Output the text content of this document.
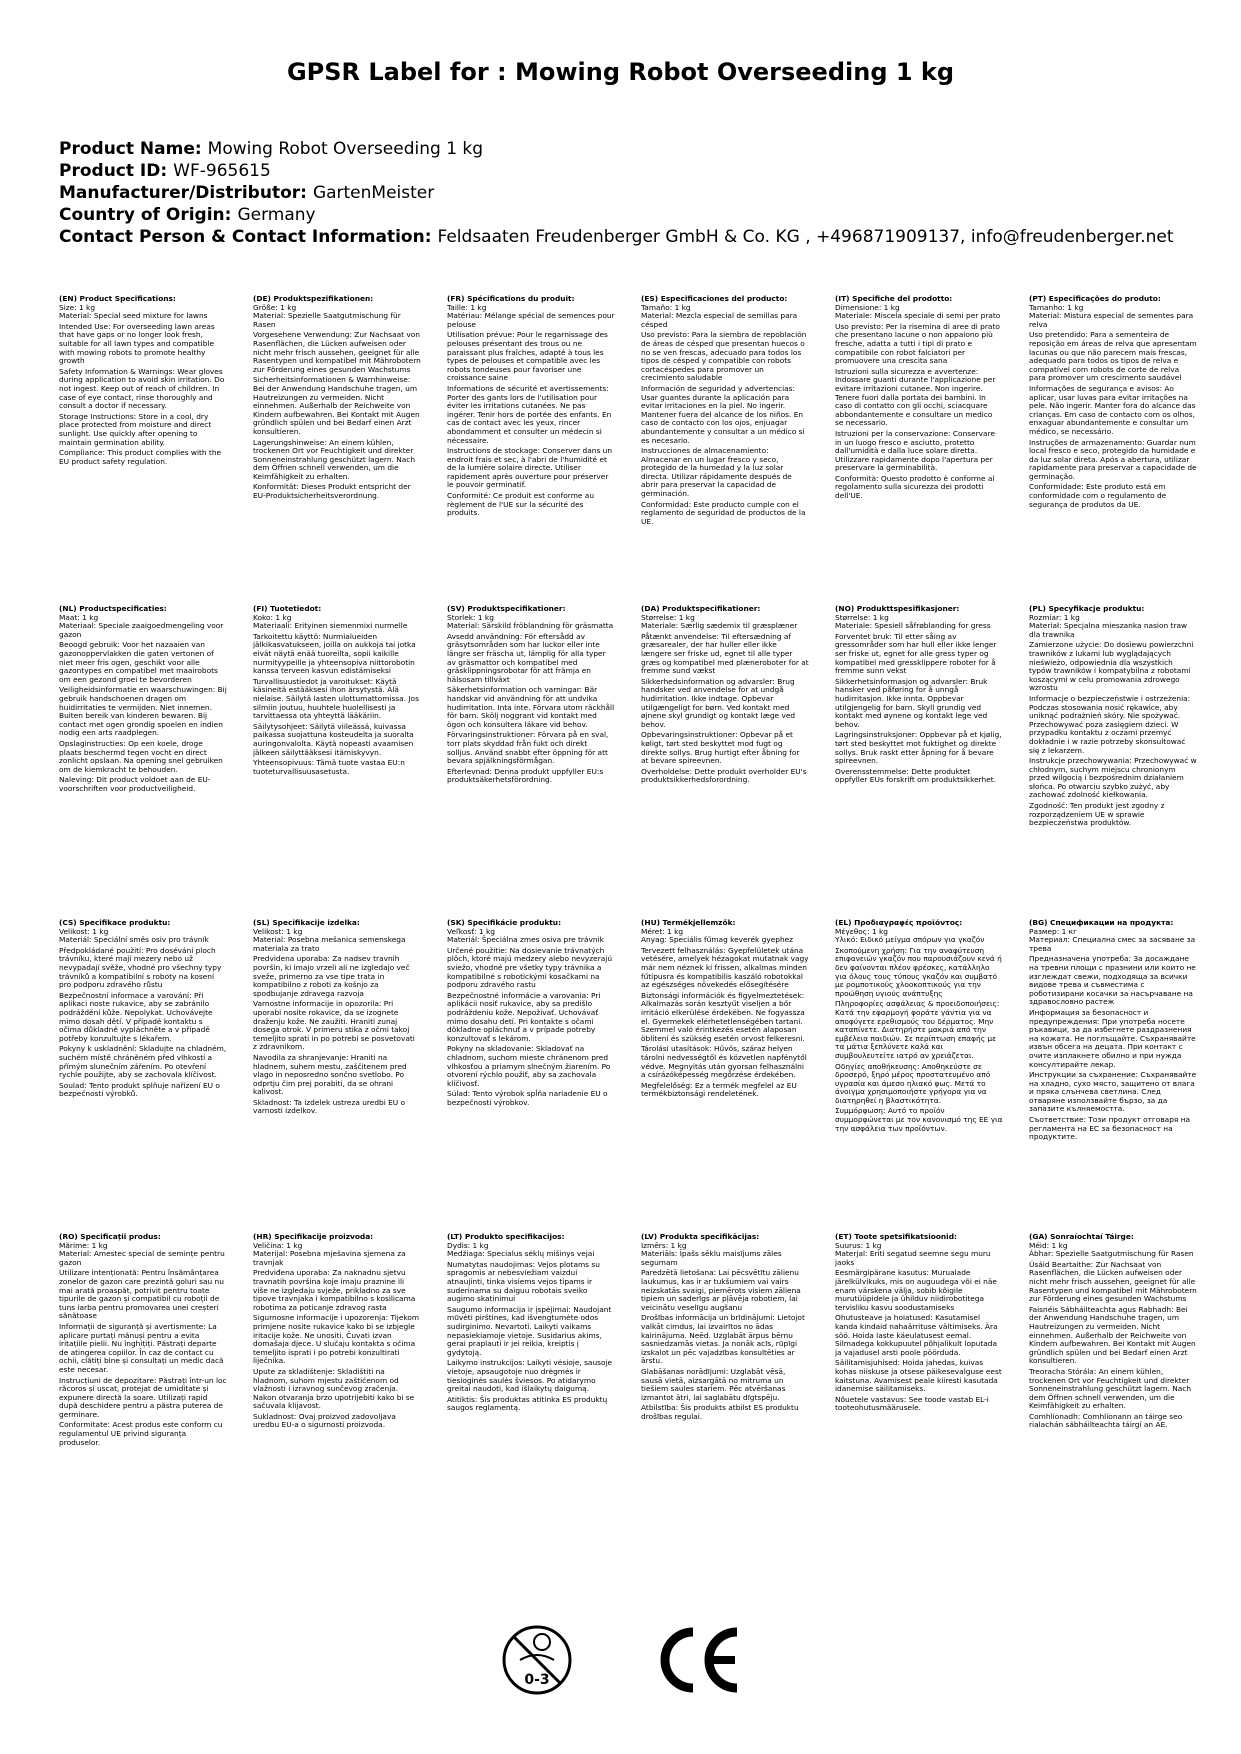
GPSR Label for : Mowing Robot Overseeding 1 kg
Product Name: Mowing Robot Overseeding 1 kg
Product ID: WF-965615
Manufacturer/Distributor: GartenMeister
Country of Origin: Germany
Contact Person & Contact Information: Feldsaaten Freudenberger GmbH & Co. KG , +496871909137, info@freudenberger.net
(EN) Product Specifications:
Size: 1 kg
Material: Special seed mixture for lawns
Intended Use: For overseeding lawn areas that have gaps or no longer look fresh, suitable for all lawn types and compatible with mowing robots to promote healthy growth
Safety Information & Warnings: Wear gloves during application to avoid skin irritation. Do not ingest. Keep out of reach of children. In case of eye contact, rinse thoroughly and consult a doctor if necessary.
Storage Instructions: Store in a cool, dry place protected from moisture and direct sunlight. Use quickly after opening to maintain germination ability.
Compliance: This product complies with the EU product safety regulation.
(DE) Produktspezifikationen:
Größe: 1 kg
Material: Spezielle Saatgutmischung für Rasen
Vorgesehene Verwendung: Zur Nachsaat von Rasenflächen, die Lücken aufweisen oder nicht mehr frisch aussehen, geeignet für alle Rasentypen und kompatibel mit Mährobotern zur Förderung eines gesunden Wachstums
Sicherheitsinformationen & Warnhinweise: Bei der Anwendung Handschuhe tragen, um Hautreizungen zu vermeiden. Nicht einnehmen. Außerhalb der Reichweite von Kindern aufbewahren. Bei Kontakt mit Augen gründlich spülen und bei Bedarf einen Arzt konsultieren.
Lagerungshinweise: An einem kühlen, trockenen Ort vor Feuchtigkeit und direkter Sonneneinstrahlung geschützt lagern. Nach dem Öffnen schnell verwenden, um die Keimfähigkeit zu erhalten.
Konformität: Dieses Produkt entspricht der EU-Produktsicherheitsverordnung.
(FR) Spécifications du produit:
Taille: 1 kg
Matériau: Mélange spécial de semences pour pelouse
Utilisation prévue: Pour le regarnissage des pelouses présentant des trous ou ne paraissant plus fraîches, adapté à tous les types de pelouses et compatible avec les robots tondeuses pour favoriser une croissance saine
Informations de sécurité et avertissements: Porter des gants lors de l'utilisation pour éviter les irritations cutanées. Ne pas ingérer. Tenir hors de portée des enfants. En cas de contact avec les yeux, rincer abondamment et consulter un médecin si nécessaire.
Instructions de stockage: Conserver dans un endroit frais et sec, à l'abri de l'humidité et de la lumière solaire directe. Utiliser rapidement après ouverture pour préserver le pouvoir germinatif.
Conformité: Ce produit est conforme au règlement de l'UE sur la sécurité des produits.
(ES) Especificaciones del producto:
Tamaño: 1 kg
Material: Mezcla especial de semillas para césped
Uso previsto: Para la siembra de repoblación de áreas de césped que presentan huecos o no se ven frescas, adecuado para todos los tipos de césped y compatible con robots cortacéspedes para promover un crecimiento saludable
Información de seguridad y advertencias: Usar guantes durante la aplicación para evitar irritaciones en la piel. No ingerir. Mantener fuera del alcance de los niños. En caso de contacto con los ojos, enjuagar abundantemente y consultar a un médico si es necesario.
Instrucciones de almacenamiento: Almacenar en un lugar fresco y seco, protegido de la humedad y la luz solar directa. Utilizar rápidamente después de abrir para preservar la capacidad de germinación.
Conformidad: Este producto cumple con el reglamento de seguridad de productos de la UE.
(IT) Specifiche del prodotto:
Dimensione: 1 kg
Materiale: Miscela speciale di semi per prato
Uso previsto: Per la risemina di aree di prato che presentano lacune o non appaiono più fresche, adatta a tutti i tipi di prato e compatibile con robot falciatori per promuovere una crescita sana
Istruzioni sulla sicurezza e avvertenze: Indossare guanti durante l'applicazione per evitare irritazioni cutanee. Non ingerire. Tenere fuori dalla portata dei bambini. In caso di contatto con gli occhi, sciacquare abbondantemente e consultare un medico se necessario.
Istruzioni per la conservazione: Conservare in un luogo fresco e asciutto, protetto dall'umidità e dalla luce solare diretta. Utilizzare rapidamente dopo l'apertura per preservare la germinabilità.
Conformità: Questo prodotto è conforme al regolamento sulla sicurezza dei prodotti dell'UE.
(PT) Especificações do produto:
Tamanho: 1 kg
Material: Mistura especial de sementes para relva
Uso pretendido: Para a sementeira de reposição em áreas de relva que apresentam lacunas ou que não parecem mais frescas, adequado para todos os tipos de relva e compatível com robots de corte de relva para promover um crescimento saudável
Informações de segurança e avisos: Ao aplicar, usar luvas para evitar irritações na pele. Não ingerir. Manter fora do alcance das crianças. Em caso de contacto com os olhos, enxaguar abundantemente e consultar um médico, se necessário.
Instruções de armazenamento: Guardar num local fresco e seco, protegido da humidade e da luz solar direta. Após a abertura, utilizar rapidamente para preservar a capacidade de germinação.
Conformidade: Este produto está em conformidade com o regulamento de segurança de produtos da UE.
(NL) Productspecificaties:
Maat: 1 kg
Materiaal: Speciale zaaigoedmengeling voor gazon
Beoogd gebruik: Voor het nazaaien van gazonoppervlakken die gaten vertonen of niet meer fris ogen, geschikt voor alle gazontypes en compatibel met maairobots om een gezond groei te bevorderen
Veiligheidsinformatie en waarschuwingen: Bij gebruik handschoenen dragen om huidirritaties te vermijden. Niet innemen. Buiten bereik van kinderen bewaren. Bij contact met ogen grondig spoelen en indien nodig een arts raadplegen.
Opslaginstructies: Op een koele, droge plaats beschermd tegen vocht en direct zonlicht opslaan. Na opening snel gebruiken om de kiemkracht te behouden.
Naleving: Dit product voldoet aan de EU-voorschriften voor productveiligheid.
(FI) Tuotetiedot:
Koko: 1 kg
Materiaali: Erityinen siemenmixi nurmelle
Tarkoitettu käyttö: Nurmialueiden jälkikasvatukseen, joilla on aukkoja tai jotka eivät näytä enää tuoreilta, sopii kaikille nurmityypeille ja yhteensopiva niittorobotin kanssa terveen kasvun edistämiseksi
Turvallisuustiedot ja varoitukset: Käytä käsineitä estääksesi ihon ärsytystä. Älä nielaise. Säilytä lasten ulottumattomissa. Jos silmiin joutuu, huuhtele huolellisesti ja tarvittaessa ota yhteyttä lääkäriin.
Säilytysohjeet: Säilytä viileässä, kuivassa paikassa suojattuna kosteudelta ja suoralta auringonvalolta. Käytä nopeasti avaamisen jälkeen säilyttääksesi itämiskyvyn.
Yhteensopivuus: Tämä tuote vastaa EU:n tuoteturvallisuusasetusta.
(SV) Produktspecifikationer:
Storlek: 1 kg
Material: Särskild fröblandning för gräsmatta
Avsedd användning: För eftersådd av gräsytsområden som har luckor eller inte längre ser fräscha ut, lämplig för alla typer av gräsmattor och kompatibel med gräsklippningsrobotar för att främja en hälsosam tillväxt
Säkerhetsinformation och varningar: Bär handskar vid användning för att undvika hudirritation. Inta inte. Förvara utom räckhåll för barn. Skölj noggrant vid kontakt med ögon och konsultera läkare vid behov.
Förvaringsinstruktioner: Förvara på en sval, torr plats skyddad från fukt och direkt solljus. Använd snabbt efter öppning för att bevara spjälkningsförmågan.
Efterlevnad: Denna produkt uppfyller EU:s produktsäkerhetsförordning.
(DA) Produktspecifikationer:
Størrelse: 1 kg
Materiale: Særlig sædemix til græsplæner
Påtænkt anvendelse: Til eftersædning af græsarealer, der har huller eller ikke længere ser friske ud, egnet til alle typer græs og kompatibel med plæneroboter for at fremme sund vækst
Sikkerhedsinformation og advarsler: Brug handsker ved anvendelse for at undgå hudirritation. Ikke indtage. Opbevar utilgængeligt for børn. Ved kontakt med øjnene skyl grundigt og kontakt læge ved behov.
Opbevaringsinstruktioner: Opbevar på et køligt, tørt sted beskyttet mod fugt og direkte sollys. Brug hurtigt efter åbning for at bevare spireevnen.
Overholdelse: Dette produkt overholder EU's produktsikkerhedsforordning.
(NO) Produkttspesifikasjoner:
Størrelse: 1 kg
Materiale: Spesiell såfrøblanding for gress
Forventet bruk: Til etter såing av gressområder som har hull eller ikke lenger ser friske ut, egnet for alle gress typer og kompatibel med gressklippere roboter for å fremme sunn vekst
Sikkerhetsinformasjon og advarsler: Bruk hansker ved påføring for å unngå hudirritasjon. Ikke innta. Oppbevar utilgjengelig for barn. Skyll grundig ved kontakt med øynene og kontakt lege ved behov.
Lagringsinstruksjoner: Oppbevar på et kjølig, tørt sted beskyttet mot fuktighet og direkte sollys. Bruk raskt etter åpning for å bevare spireevnen.
Overensstemmelse: Dette produktet oppfyller EUs forskrift om produktsikkerhet.
(PL) Specyfikacje produktu:
Rozmiar: 1 kg
Materiał: Specjalna mieszanka nasion traw dla trawnika
Zamierzone użycie: Do dosiewu powierzchni trawników z lukami lub wyglądających nieświeżo, odpowiednia dla wszystkich typów trawników i kompatybilna z robotami koszącymi w celu promowania zdrowego wzrostu
Informacje o bezpieczeństwie i ostrzeżenia: Podczas stosowania nosić rękawice, aby uniknąć podrażnień skóry. Nie spożywać. Przechowywać poza zasięgiem dzieci. W przypadku kontaktu z oczami przemyć dokładnie i w razie potrzeby skonsultować się z lekarzem.
Instrukcje przechowywania: Przechowywać w chłodnym, suchym miejscu chronionym przed wilgocią i bezpośrednim działaniem słońca. Po otwarciu szybko zużyć, aby zachować zdolność kiełkowania.
Zgodność: Ten produkt jest zgodny z rozporządzeniem UE w sprawie bezpieczeństwa produktów.
(CS) Specifikace produktu:
Velikost: 1 kg
Materiál: Speciální směs osiv pro trávník
Předpokládané použití: Pro dosévání ploch trávníku, které mají mezery nebo už nevypadají svěže, vhodné pro všechny typy trávníků a kompatibilní s roboty na kosení pro podporu zdravého růstu
Bezpečnostní informace a varování: Při aplikaci noste rukavice, aby se zabránilo podráždění kůže. Nepolykat. Uchovávejte mimo dosah dětí. V případě kontaktu s očima důkladně vypláchněte a v případě potřeby konzultujte s lékařem.
Pokyny k uskladnění: Skladujte na chladném, suchém místě chráněném před vlhkostí a přímým slunečním zářením. Po otevření rychle použijte, aby se zachovala klíčivost.
Soulad: Tento produkt splňuje nařízení EU o bezpečnosti výrobků.
(SL) Specifikacije izdelka:
Velikost: 1 kg
Material: Posebna mešanica semenskega materiala za trato
Predvidena uporaba: Za nadsev travnih površin, ki imajo vrzeli ali ne izgledajo več sveže, primerno za vse tipe trata in kompatibilno z roboti za košnjo za spodbujanje zdravega razvoja
Varnostne informacije in opozorila: Pri uporabi nosite rokavice, da se izognete draženju kože. Ne zaužiti. Hraniti zunaj dosega otrok. V primeru stika z očmi takoj temeljito sprati in po potrebi se posvetovati z zdravnikom.
Navodila za shranjevanje: Hraniti na hladnem, suhem mestu, zaščitenem pred vlago in neposredno sončno svetlobo. Po odprtju čim prej porabiti, da se ohrani kalivost.
Skladnost: Ta izdelek ustreza uredbi EU o varnosti izdelkov.
(SK) Špecifikácie produktu:
Veľkosť: 1 kg
Materiál: Špeciálna zmes osiva pre trávnik
Určené použitie: Na dosievanie trávnatých plôch, ktoré majú medzery alebo nevyzerajú sviežo, vhodné pre všetky typy trávnika a kompatibilné s robotickými kosačkami na podporu zdravého rastu
Bezpečnostné informácie a varovania: Pri aplikácii nosiť rukavice, aby sa predišlo podráždeniu kože. Nepožívať. Uchovávať mimo dosahu detí. Pri kontakte s očami dôkladne opláchnuť a v prípade potreby konzultovať s lekárom.
Pokyny na skladovanie: Skladovať na chladnom, suchom mieste chránenom pred vlhkosťou a priamym slnečným žiarením. Po otvorení rýchlo použiť, aby sa zachovala klíčivosť.
Súlad: Tento výrobok spĺňa nariadenie EU o bezpečnosti výrobkov.
(HU) Termékjellemzők:
Méret: 1 kg
Anyag: Speciális fűmag keverék gyephez
Tervezett felhasználás: Gyepfelületek utána vetésére, amelyek hézagokat mutatnak vagy már nem néznek ki frissen, alkalmas minden fűtípusra és kompatibilis kaszáló robotokkal az egészséges növekedés elősegítésére
Biztonsági információk és figyelmeztetések: Alkalmazás során kesztyűt viseljen a bőr irritáció elkerülése érdekében. Ne fogyassza el. Gyermekek elérhetetlenségében tartani. Szemmel való érintkezés esetén alaposan öblítení és szükség esetén orvost felkeresni.
Tárolási utasítások: Hűvös, száraz helyen tárolni nedvességtől és közvetlen napfénytől védve. Megnyitás után gyorsan felhasználni a csírázóképesség megőrzése érdekében.
Megfelelőség: Ez a termék megfelel az EU termékbiztonsági rendeletének.
(EL) Προδιαγραφές προϊόντος:
Μέγεθος: 1 kg
Υλικό: Ειδικό μείγμα σπόρων για γκαζόν
Σκοπούμενη χρήση: Για την αναφύτευση επιφανειών γκαζόν που παρουσιάζουν κενά ή δεν φαίνονται πλέον φρέσκες, κατάλληλο για όλους τους τύπους γκαζόν και συμβατό με ρομποτικούς χλοοκοπτικούς για την προώθηση υγιούς ανάπτυξης
Πληροφορίες ασφάλειας & προειδοποιήσεις: Κατά την εφαρμογή φοράτε γάντια για να αποφύγετε ερεθισμούς του δέρματος. Μην καταπίνετε. Διατηρήστε μακριά από την εμβέλεια παιδιών. Σε περίπτωση επαφής με τα μάτια ξεπλύνετε καλά και συμβουλευτείτε ιατρό αν χρειάζεται.
Οδηγίες αποθήκευσης: Αποθηκεύστε σε δροσερό, ξηρό μέρος προστατευμένο από υγρασία και άμεσο ηλιακό φως. Μετά το άνοιγμα χρησιμοποιήστε γρήγορα για να διατηρηθεί η βλαστικότητα.
Συμμόρφωση: Αυτό το προϊόν συμμορφώνεται με τον κανονισμό της ΕΕ για την ασφάλεια των προϊόντων.
(BG) Спецификации на продукта:
Размер: 1 кг
Материал: Специална смес за засяване за трева
Предназначена употреба: За досаждане на тревни площи с празнини или които не изглеждат свежи, подходяща за всички видове трева и съвместима с роботизирани косачки за насърчаване на здравословно растеж
Информация за безопасност и предупреждения: При употреба носете ръкавици, за да избегнете раздразнения на кожата. Не поглъщайте. Съхранявайте извън обсега на децата. При контакт с очите изплакнете обилно и при нужда консултирайте лекар.
Инструкции за съхранение: Съхранявайте на хладно, сухо място, защитено от влага и пряка слънчева светлина. След отваряне използвайте бързо, за да запазите кълняемостта.
Съответствие: Този продукт отговаря на регламента на ЕС за безопасност на продуктите.
(RO) Specificații produs:
Mărime: 1 kg
Material: Amestec special de semințe pentru gazon
Utilizare intenționată: Pentru însămânțarea zonelor de gazon care prezintă goluri sau nu mai arată proaspăt, potrivit pentru toate tipurile de gazon și compatibil cu roboții de tuns iarba pentru promovarea unei creșteri sănătoase
Informații de siguranță și avertismente: La aplicare purtați mănuși pentru a evita iritațiile pielii. Nu înghițiți. Păstrați departe de atingerea copiilor. În caz de contact cu ochii, clătiți bine și consultați un medic dacă este necesar.
Instrucțiuni de depozitare: Păstrați într-un loc răcoros și uscat, protejat de umiditate și expunere directă la soare. Utilizați rapid după deschidere pentru a păstra puterea de germinare.
Conformitate: Acest produs este conform cu regulamentul UE privind siguranța produselor.
(HR) Specifikacije proizvoda:
Veličina: 1 kg
Materijal: Posebna mješavina sjemena za travnjak
Predviđena uporaba: Za naknadnu sjetvu travnatih površina koje imaju praznine ili više ne izgledaju svježe, prikladno za sve tipove travnjaka i kompatibilno s kosilicama robotima za poticanje zdravog rasta
Sigurnosne informacije i upozorenja: Tijekom primjene nosite rukavice kako bi se izbjegle iritacije kože. Ne unositi. Čuvati izvan domašaja djece. U slučaju kontakta s očima temeljito isprati i po potrebi konzultirati liječnika.
Upute za skladištenje: Skladištiti na hladnom, suhom mjestu zaštićenom od vlažnosti i izravnog sunčevog zračenja. Nakon otvaranja brzo upotrijebiti kako bi se sačuvala klijavost.
Sukladnost: Ovaj proizvod zadovoljava uredbu EU-a o sigurnosti proizvoda.
(LT) Produkto specifikacijos:
Dydis: 1 kg
Medžiaga: Specialus sėklų mišinys vejai
Numatytas naudojimas: Vejos plotams su spragomis ar nebesviežiam vaizdui atnaujinti, tinka visiems vejos tipams ir suderinama su daiguu robotais sveiko augimo skatinimui
Saugumo informacija ir įspėjimai: Naudojant mūvėti pirštines, kad išvengtumėte odos sudirginimo. Nevartoti. Laikyti vaikams nepasiekiamoje vietoje. Susidarius akims, gerai praplauti ir jei reikia, kreiptis į gydytoją.
Laikymo instrukcijos: Laikyti vėsioje, sausoje vietoje, apsaugotoje nuo drėgmės ir tiesioginės saulės šviesos. Po atidarymo greitai naudoti, kad išlaikytų daigumą.
Atitiktis: Šis produktas atitinka ES produktų saugos reglamentą.
(LV) Produkta specifikācijas:
Izmērs: 1 kg
Materiāls: Īpašs sēklu maisījums zāles segumam
Paredzētā lietošana: Lai pēcsvētītu zālienu laukumus, kas ir ar tukšumiem vai vairs neizskatās svaigi, piemērots visiem zāliena tipiem un saderīgs ar pļāvēja robotiem, lai veicinātu veselīgu augšanu
Drošības informācija un brīdinājumi: Lietojot valkāt cimdus, lai izvairītos no ādas kairinājuma. Neēd. Uzglabāt ārpus bērnu sasniedzamās vietas. Ja nonāk acīs, rūpīgi izskalot un pēc vajadzības konsultēties ar ārstu.
Glabāšanas norādījumi: Uzglabāt vēsā, sausā vietā, aizsargātā no mitruma un tiešiem saules stariem. Pēc atvēršanas izmantot ātri, lai saglabātu dīgtspēju.
Atbilstība: Šis produkts atbilst ES produktu drošības regulai.
(ET) Toote spetsifikatsioonid:
Suurus: 1 kg
Materjal: Eriti segatud seemne segu muru jaoks
Eesmärgipärane kasutus: Murualade järelkülvikuks, mis on auguudega või ei näe enam värskena välja, sobib kõigile murutüüpidele ja ühilduv niidirobotitega tervisliku kasvu soodustamiseks
Ohutusteave ja hoiatused: Kasutamisel kanda kindaid nahaärrituse vältimiseks. Ära söö. Hoida laste käeulatusest eemal. Silmadega kokkupuutel põhjalikult loputada ja vajadusel arsti poole pöörduda.
Säilitamisjuhised: Hoida jahedas, kuivas kohas niiskuse ja otsese päikesevalguse eest kaitstuna. Avamisest peale kiiresti kasutada idanemise säilitamiseks.
Nõuetele vastavus: See toode vastab EL-i tooteohutusmäärusele.
(GA) Sonraíochtaí Táirge:
Méid: 1 kg
Ábhar: Spezielle Saatgutmischung für Rasen
Úsáid Beartaithe: Zur Nachsaat von Rasenflächen, die Lücken aufweisen oder nicht mehr frisch aussehen, geeignet für alle Rasentypen und kompatibel mit Mährobotern zur Förderung eines gesunden Wachstums
Faisnéis Sábháilteachta agus Rabhadh: Bei der Anwendung Handschuhe tragen, um Hautreizungen zu vermeiden. Nicht einnehmen. Außerhalb der Reichweite von Kindern aufbewahren. Bei Kontakt mit Augen gründlich spülen und bei Bedarf einen Arzt konsultieren.
Treoracha Stórála: An einem kühlen, trockenen Ort vor Feuchtigkeit und direkter Sonneneinstrahlung geschützt lagern. Nach dem Öffnen schnell verwenden, um die Keimfähigkeit zu erhalten.
Comhlíonadh: Comhlíonann an táirge seo rialachán sábháilteachta táirgí an AE.
0-3
